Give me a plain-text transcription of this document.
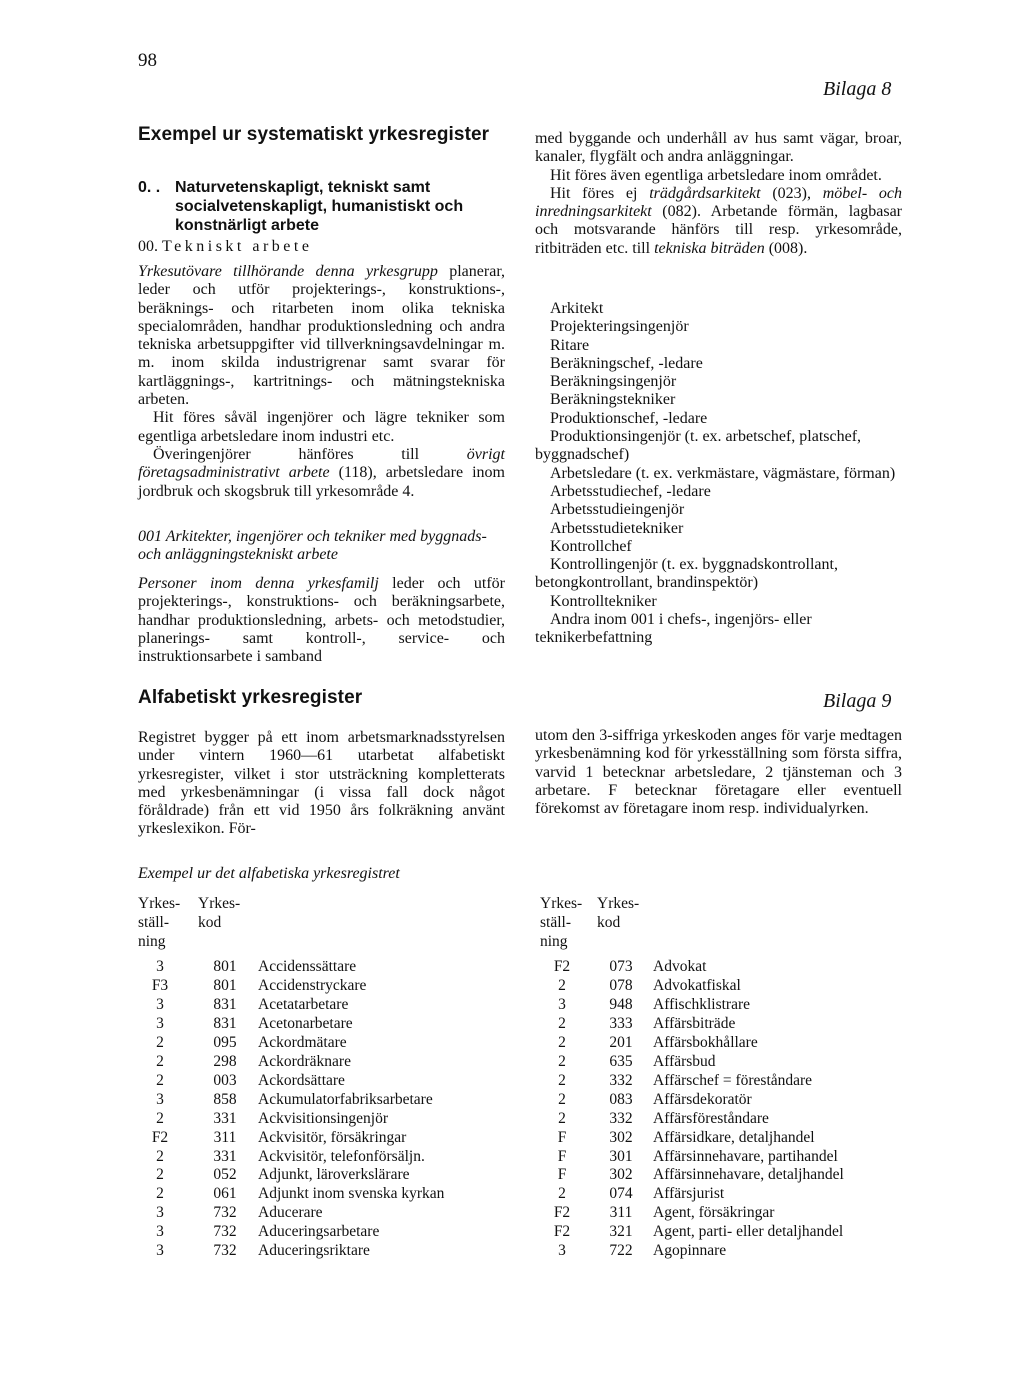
98
Bilaga 8
Exempel ur systematiskt yrkesregister
0. . Naturvetenskapligt, tekniskt samt socialvetenskapligt, humanistiskt och konstnärligt arbete
00. Tekniskt arbete

Yrkesutövare tillhörande denna yrkesgrupp planerar, leder och utför projekterings-, konstruktions-, beräknings- och ritarbeten inom olika tekniska specialområden, handhar produktionsledning och andra tekniska arbetsuppgifter vid tillverkningsavdelningar m. m. inom skilda industrigrenar samt svarar för kartläggnings-, kartritnings- och mätningstekniska arbeten.

Hit föres såväl ingenjörer och lägre tekniker som egentliga arbetsledare inom industri etc.

Överingenjörer hänföres till övrigt företagsadministrativt arbete (118), arbetsledare inom jordbruk och skogsbruk till yrkesområde 4.

001 Arkitekter, ingenjörer och tekniker med byggnads- och anläggningstekniskt arbete

Personer inom denna yrkesfamilj leder och utför projekterings-, konstruktions- och beräkningsarbete, handhar produktionsledning, arbets- och metodstudier, planerings- samt kontroll-, service- och instruktionsarbete i samband

med byggande och underhåll av hus samt vägar, broar, kanaler, flygfält och andra anläggningar.

Hit föres även egentliga arbetsledare inom området.

Hit föres ej trädgårdsarkitekt (023), möbel- och inredningsarkitekt (082). Arbetande förmän, lagbasar och motsvarande hänförs till resp. yrkesområde, ritbiträden etc. till tekniska biträden (008).

Arkitekt
Projekteringsingenjör
Ritare
Beräkningschef, -ledare
Beräkningsingenjör
Beräkningstekniker
Produktionschef, -ledare
Produktionsingenjör (t. ex. arbetschef, platschef, byggnadschef)
Arbetsledare (t. ex. verkmästare, vägmästare, förman)
Arbetsstudiechef, -ledare
Arbetsstudieingenjör
Arbetsstudietekniker
Kontrollchef
Kontrollingenjör (t. ex. byggnadskontrollant, betongkontrollant, brandinspektör)
Kontrolltekniker
Andra inom 001 i chefs-, ingenjörs- eller teknikerbefattning
Alfabetiskt yrkesregister	Bilaga 9
Registret bygger på ett inom arbetsmarknadsstyrelsen under vintern 1960—61 utarbetat alfabetiskt yrkesregister, vilket i stor utsträckning kompletterats med yrkesbenämningar (i vissa fall dock något föråldrade) från ett vid 1950 års folkräkning använt yrkeslexikon. För-
utom den 3-siffriga yrkeskoden anges för varje medtagen yrkesbenämning kod för yrkesställning som första siffra, varvid 1 betecknar arbetsledare, 2 tjänsteman och 3 arbetare. F betecknar företagare eller eventuell förekomst av företagare inom resp. individualyrken.
Exempel ur det alfabetiska yrkesregistret
Yrkes- ställ- ning
Yrkes- kod
Yrkes- ställ- ning
Yrkes- kod
3	801	Accidenssättare
F3	801	Accidenstryckare
3	831	Acetatarbetare
3	831	Acetonarbetare
2	095	Ackordmätare
2	298	Ackordräknare
2	003	Ackordsättare
3	858	Ackumulatorfabriksarbetare
2	331	Ackvisitionsingenjör
F2	311	Ackvisitör, försäkringar
2	331	Ackvisitör, telefonförsäljn.
2	052	Adjunkt, läroverkslärare
2	061	Adjunkt inom svenska kyrkan
3	732	Aducerare
3	732	Aduceringsarbetare
3	732	Aduceringsriktare
F2	073	Advokat
2	078	Advokatfiskal
3	948	Affischklistrare
2	333	Affärsbiträde
2	201	Affärsbokhållare
2	635	Affärsbud
2	332	Affärschef = föreståndare
2	083	Affärsdekoratör
2	332	Affärsföreståndare
F	302	Affärsidkare, detaljhandel
F	301	Affärsinnehavare, partihandel
F	302	Affärsinnehavare, detaljhandel
2	074	Affärsjurist
F2	311	Agent, försäkringar
F2	321	Agent, parti- eller detaljhandel
3	722	Agopinnare
